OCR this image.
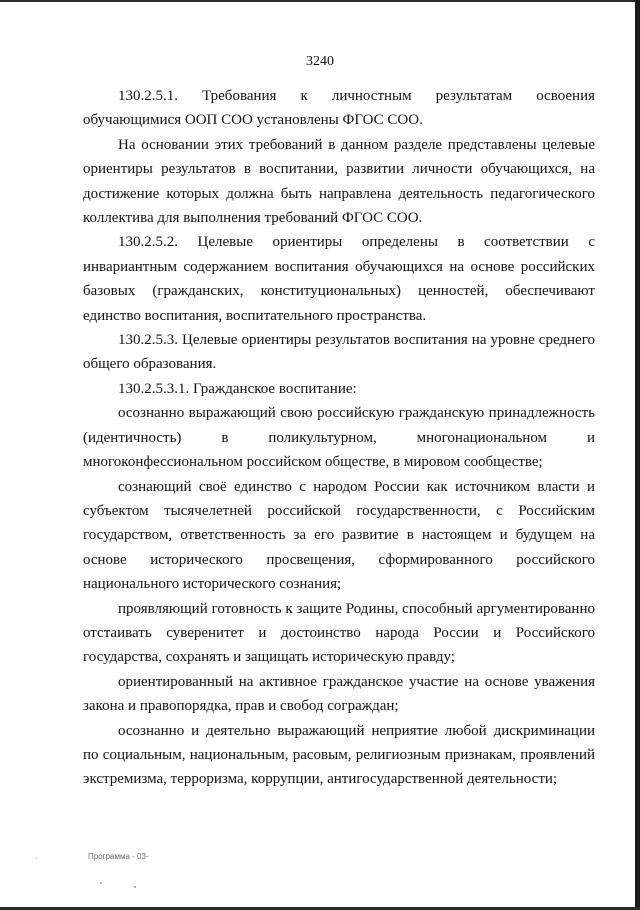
3240

130.2.5.1. Требования к личностным результатам освоения обучающимися ООП СОО установлены ФГОС СОО.

На основании этих требований в данном разделе представлены целевые ориентиры результатов в воспитании, развитии личности обучающихся, на достижение которых должна быть направлена деятельность педагогического коллектива для выполнения требований ФГОС СОО.

130.2.5.2. Целевые ориентиры определены в соответствии с инвариантным содержанием воспитания обучающихся на основе российских базовых (гражданских, конституциональных) ценностей, обеспечивают единство воспитания, воспитательного пространства.

130.2.5.3. Целевые ориентиры результатов воспитания на уровне среднего общего образования.

130.2.5.3.1. Гражданское воспитание:

осознанно выражающий свою российскую гражданскую принадлежность (идентичность) в поликультурном, многонациональном и многоконфессиональном российском обществе, в мировом сообществе;

сознающий своё единство с народом России как источником власти и субъектом тысячелетней российской государственности, с Российским государством, ответственность за его развитие в настоящем и будущем на основе исторического просвещения, сформированного российского национального исторического сознания;

проявляющий готовность к защите Родины, способный аргументированно отстаивать суверенитет и достоинство народа России и Российского государства, сохранять и защищать историческую правду;

ориентированный на активное гражданское участие на основе уважения закона и правопорядка, прав и свобод сограждан;

осознанно и деятельно выражающий неприятие любой дискриминации по социальным, национальным, расовым, религиозным признакам, проявлений экстремизма, терроризма, коррупции, антигосударственной деятельности;

Программа - 03-
